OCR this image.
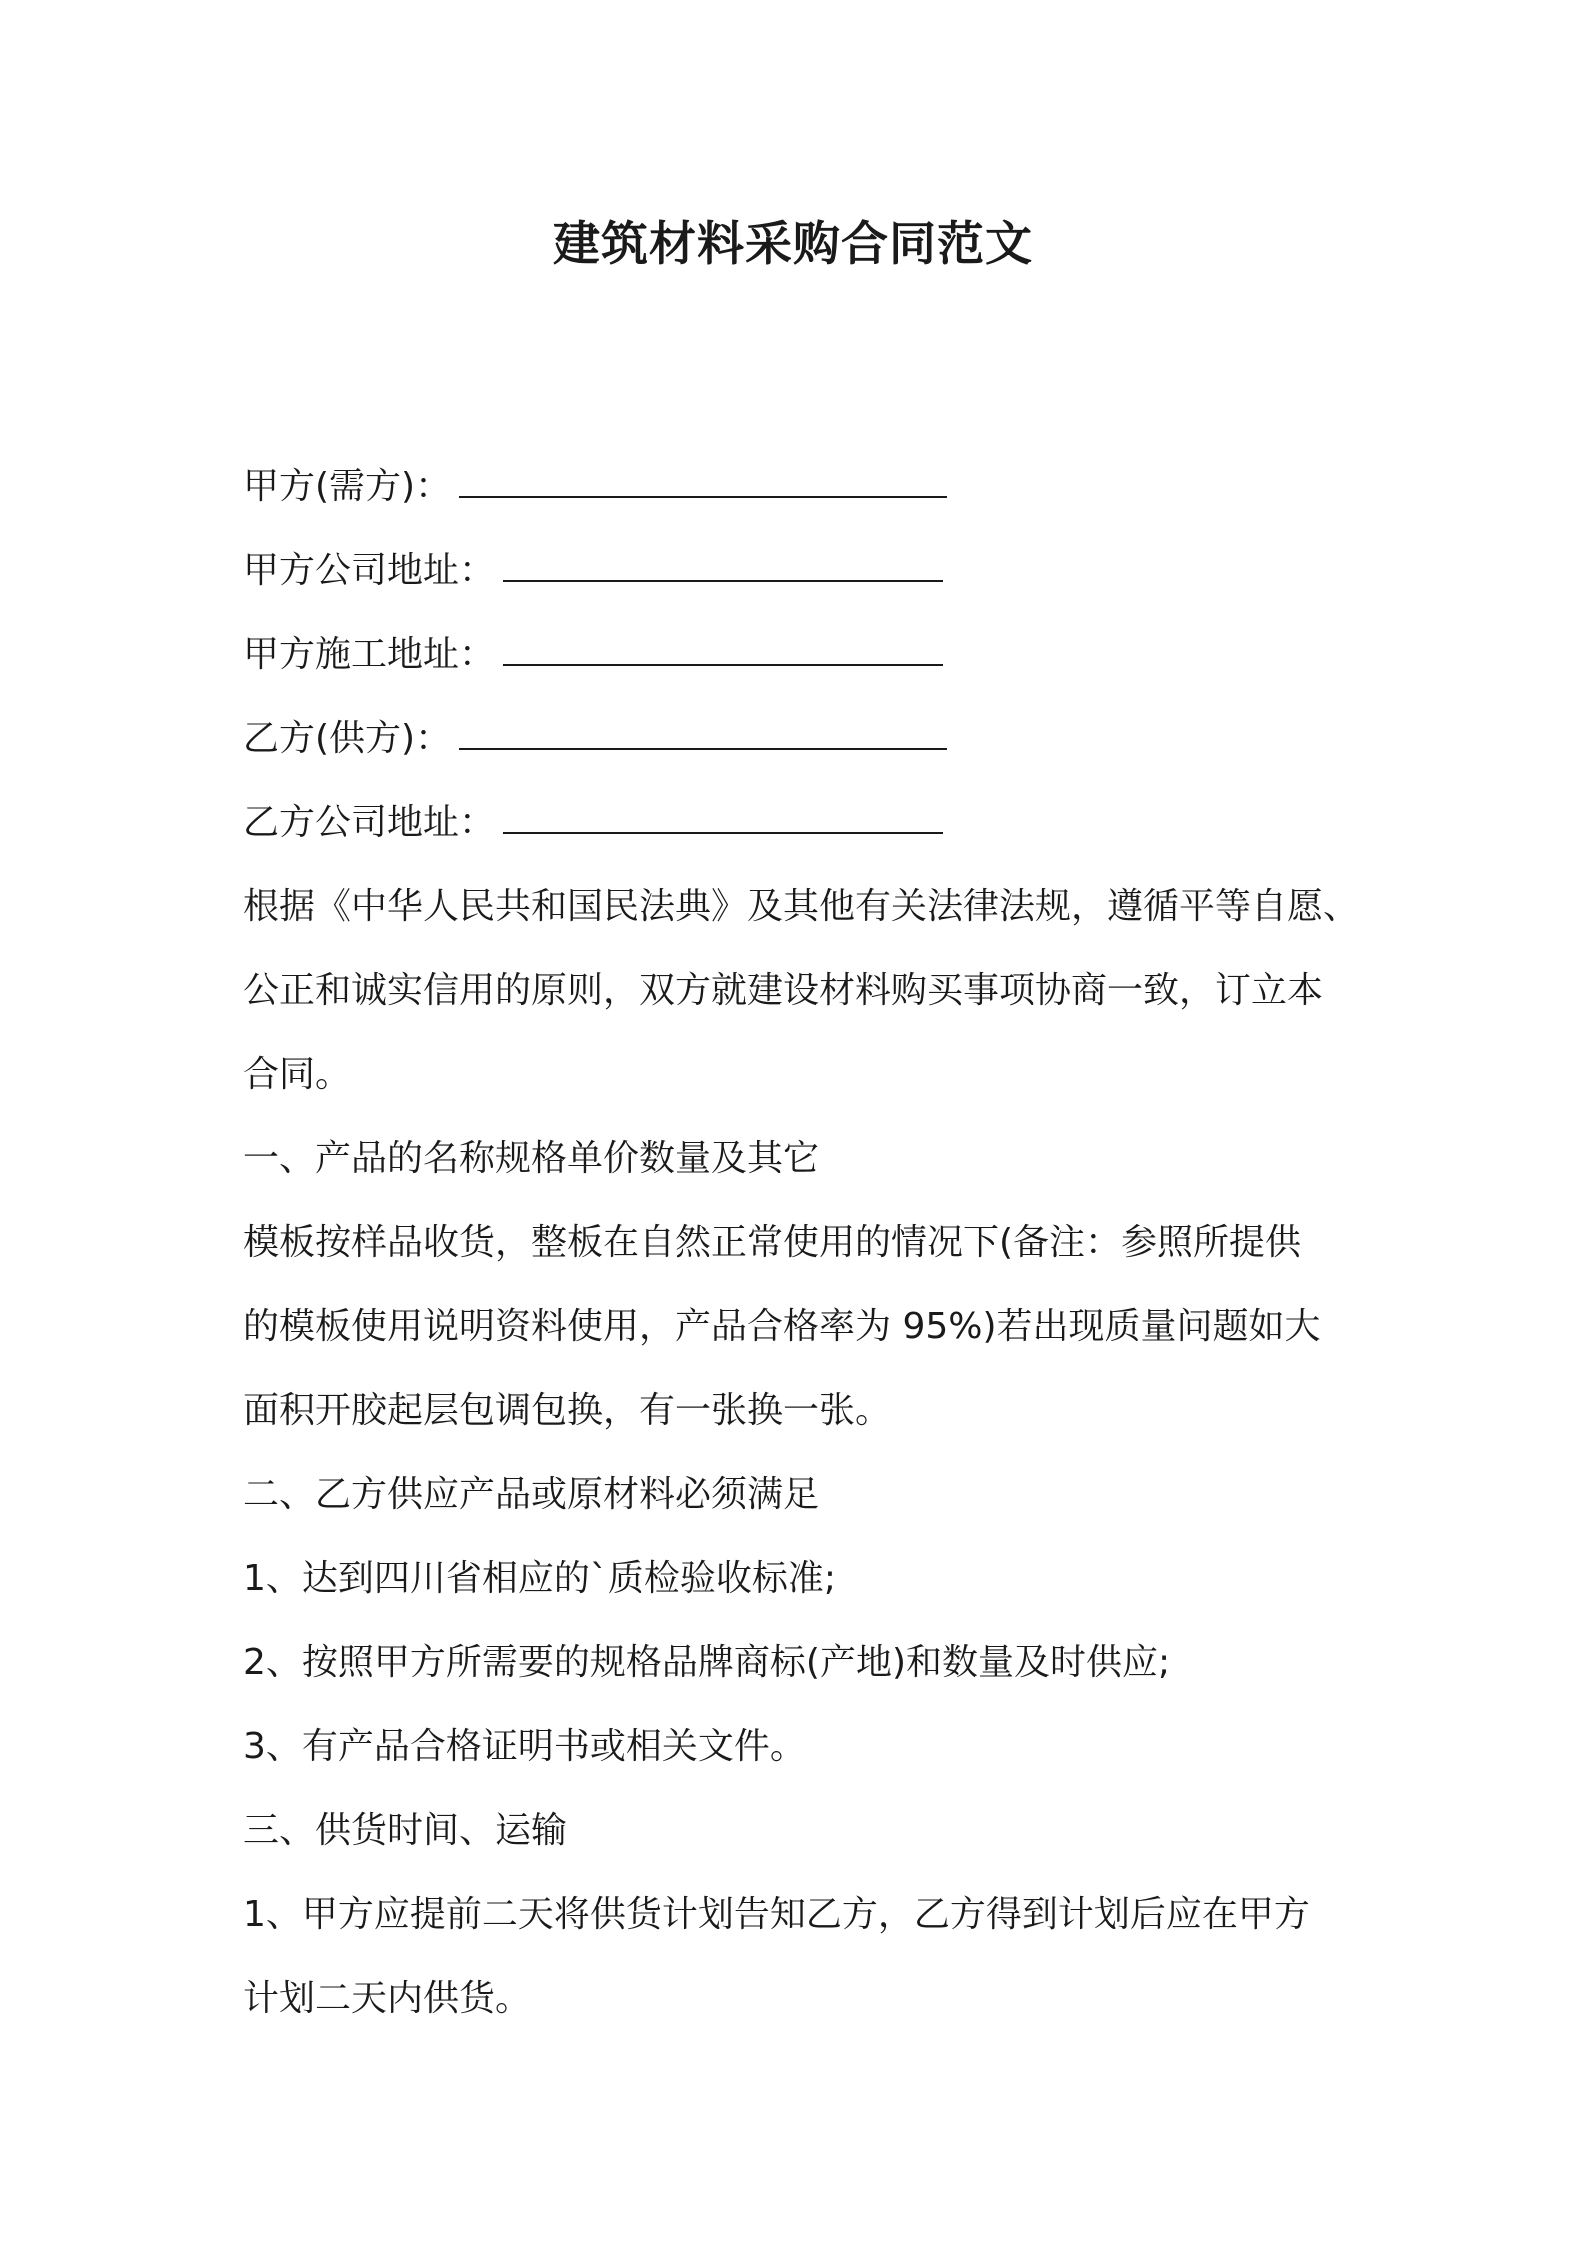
建筑材料采购合同范文

甲方(需方)：

甲方公司地址：

甲方施工地址：

乙方(供方)：

乙方公司地址：

根据《中华人民共和国民法典》及其他有关法律法规，遵循平等自愿、

公正和诚实信用的原则，双方就建设材料购买事项协商一致，订立本

合同。

一、产品的名称规格单价数量及其它

模板按样品收货，整板在自然正常使用的情况下(备注：参照所提供

的模板使用说明资料使用，产品合格率为 95%)若出现质量问题如大

面积开胶起层包调包换，有一张换一张。

二、乙方供应产品或原材料必须满足

1、达到四川省相应的`质检验收标准;

2、按照甲方所需要的规格品牌商标(产地)和数量及时供应;

3、有产品合格证明书或相关文件。

三、供货时间、运输

1、甲方应提前二天将供货计划告知乙方，乙方得到计划后应在甲方

计划二天内供货。
